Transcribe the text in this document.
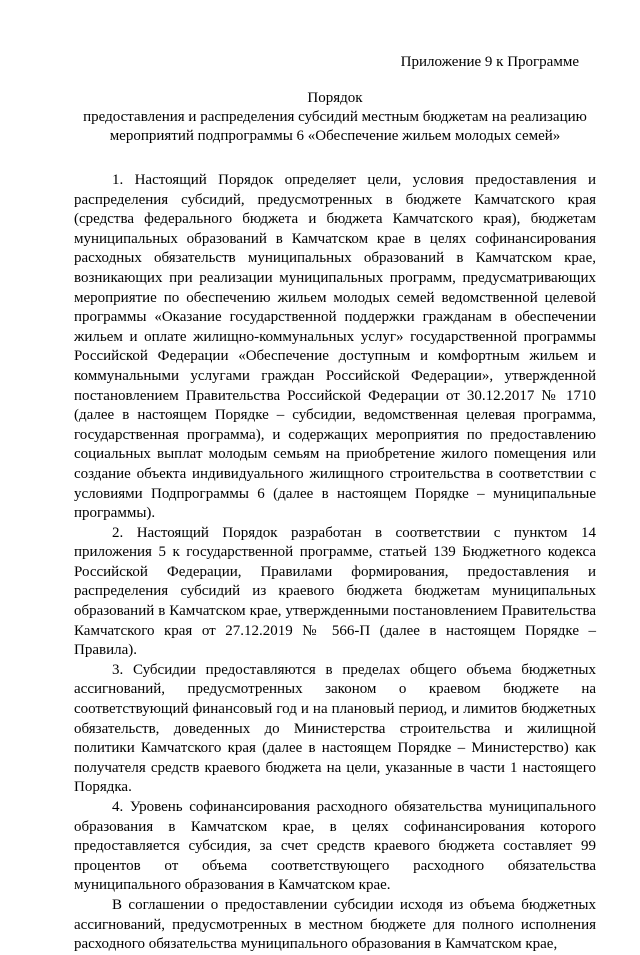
Приложение 9 к Программе
Порядок
предоставления и распределения субсидий местным бюджетам на реализацию
мероприятий подпрограммы 6 «Обеспечение жильем молодых семей»

1. Настоящий Порядок определяет цели, условия предоставления и распределения субсидий, предусмотренных в бюджете Камчатского края (средства федерального бюджета и бюджета Камчатского края), бюджетам муниципальных образований в Камчатском крае в целях софинансирования расходных обязательств муниципальных образований в Камчатском крае, возникающих при реализации муниципальных программ, предусматривающих мероприятие по обеспечению жильем молодых семей ведомственной целевой программы «Оказание государственной поддержки гражданам в обеспечении жильем и оплате жилищно-коммунальных услуг» государственной программы Российской Федерации «Обеспечение доступным и комфортным жильем и коммунальными услугами граждан Российской Федерации», утвержденной постановлением Правительства Российской Федерации от 30.12.2017 № 1710 (далее в настоящем Порядке – субсидии, ведомственная целевая программа, государственная программа), и содержащих мероприятия по предоставлению социальных выплат молодым семьям на приобретение жилого помещения или создание объекта индивидуального жилищного строительства в соответствии с условиями Подпрограммы 6 (далее в настоящем Порядке – муниципальные программы).

2. Настоящий Порядок разработан в соответствии с пунктом 14 приложения 5 к государственной программе, статьей 139 Бюджетного кодекса Российской Федерации, Правилами формирования, предоставления и распределения субсидий из краевого бюджета бюджетам муниципальных образований в Камчатском крае, утвержденными постановлением Правительства Камчатского края от 27.12.2019 № 566-П (далее в настоящем Порядке – Правила).

3. Субсидии предоставляются в пределах общего объема бюджетных ассигнований, предусмотренных законом о краевом бюджете на соответствующий финансовый год и на плановый период, и лимитов бюджетных обязательств, доведенных до Министерства строительства и жилищной политики Камчатского края (далее в настоящем Порядке – Министерство) как получателя средств краевого бюджета на цели, указанные в части 1 настоящего Порядка.

4. Уровень софинансирования расходного обязательства муниципального образования в Камчатском крае, в целях софинансирования которого предоставляется субсидия, за счет средств краевого бюджета составляет 99 процентов от объема соответствующего расходного обязательства муниципального образования в Камчатском крае.

В соглашении о предоставлении субсидии исходя из объема бюджетных ассигнований, предусмотренных в местном бюджете для полного исполнения расходного обязательства муниципального образования в Камчатском крае,
